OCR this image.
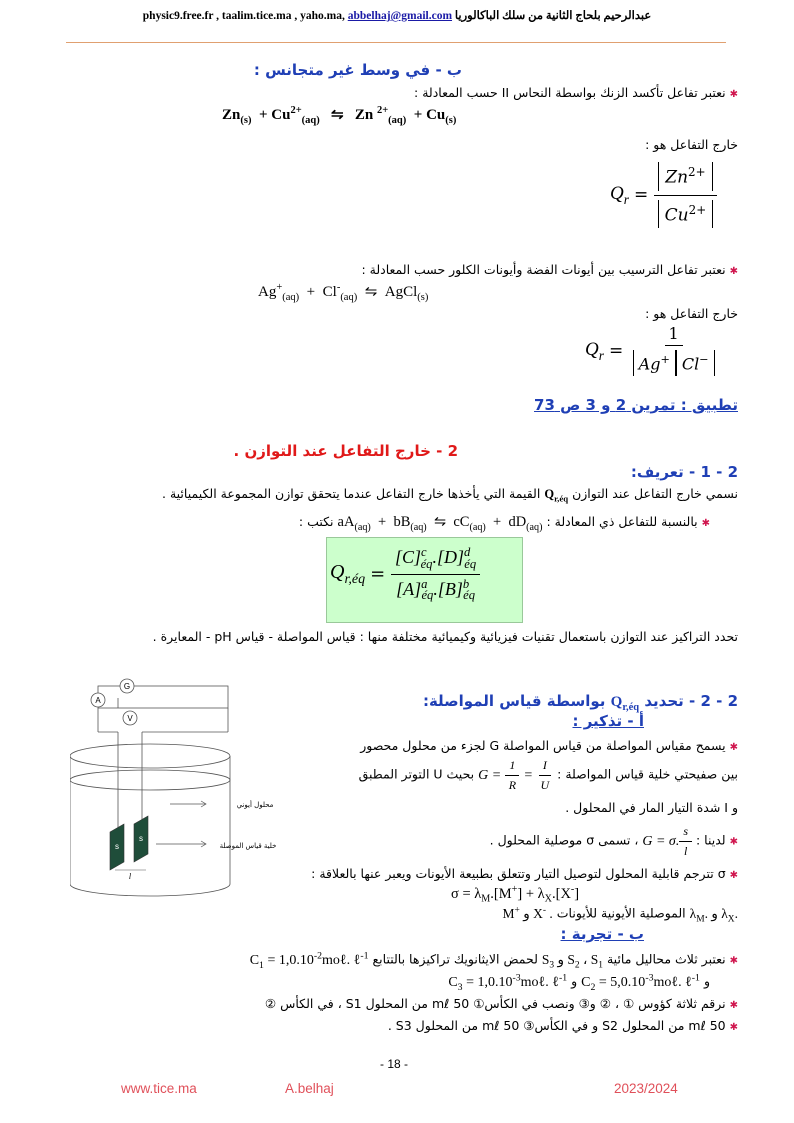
عبدالرحيم بلحاج الثانية من سلك الباكالوريا physic9.free.fr , taalim.tice.ma , yaho.ma, abbelhaj@gmail.com
ب - في وسط غير متجانس :
✱ نعتبر تفاعل تأكسد الزنك بواسطة النحاس II حسب المعادلة :
$Zn_{(s)} + Cu^{2+}_{(aq)}$   ⇋   Zn $^{2+}_{(aq)} + Cu_{(s)}$
خارج التفاعل هو :
$Q_r = \frac{Zn^{2+}}{Cu^{2+}}$
✱ نعتبر تفاعل الترسيب بين أيونات الفضة وأيونات الكلور حسب المعادلة :
$Ag^+_{(aq)} + Cl^-_{(aq)}$  ⇋  AgCl$_{(s)}$
خارج التفاعل هو :
$Q_r = \frac{1}{Ag^+ Cl^-}$
تطبيق : تمرين 2 و 3 ص 73
2 - خارج التفاعل عند التوازن .
2 - 1 - تعريف:
نسمي خارج التفاعل عند التوازن $Q_{r,éq}$ القيمة التي يأخذها خارج التفاعل عندما يتحقق توازن المجموعة الكيميائية .
✱ بالنسبة للتفاعل ذي المعادلة : $aA_{(aq)} + bB_{(aq)}$  ⇋  $cC_{(aq)} + dD_{(aq)}$ نكتب :
$Q_{r,éq} = \frac{[C]^c_{éq}.[D]^d_{éq}}{[A]^a_{éq}.[B]^b_{éq}}$
تحدد التراكيز عند التوازن باستعمال تقنيات فيزيائية وكيميائية مختلفة منها : قياس المواصلة - قياس pH - المعايرة .
2 - 2 - تحديد $Q_{r,éq}$ بواسطة قياس المواصلة:
أ - تذكير :
✱ يسمح مقياس المواصلة من قياس المواصلة G لجزء من محلول محصور
بين صفيحتي خلية قياس المواصلة : $G = \frac{1}{R} = \frac{I}{U}$
بحيث U التوتر المطبق
و I شدة التيار المار في المحلول .
✱ لدينا : G = σ. $\frac{s}{l}$
، تسمى σ موصلية المحلول .
✱ σ تترجم قابلية المحلول لتوصيل التيار وتتعلق بطبيعة الأيونات ويعبر عنها بالعلاقة :
$\sigma = \lambda_M.[M^+] + \lambda_X.[X^-]$
$\lambda_M$. و $\lambda_X$. الموصلية الأيونية للأيونات M+ و X- .
ب - تجربة :
✱ نعتبر ثلاث محاليل مائية $S_3$ و $S_2$ ، $S_1$ لحمض الايثانويك تراكيزها بالتتابع $C_1$ = $1,0.10^{-2}mo\ell$. ℓ$^{-1}$
و $C_2$ = $5,0.10^{-3}mo\ell$. ℓ$^{-1}$ و $C_3$ = $1,0.10^{-3}mo\ell$. ℓ$^{-1}$
✱ نرقم ثلاثة كؤوس ① ، ② و③ ونصب في الكأس① 50 mℓ من المحلول S1 ، في الكأس ②
✱ 50 mℓ من المحلول S2 و في الكأس③ 50 mℓ من المحلول S3 .
G
A
V
s
s
l
محلول أيوني
خلية قياس الموصلة
- 18 -
www.tice.ma	A.belhaj	2023/2024
